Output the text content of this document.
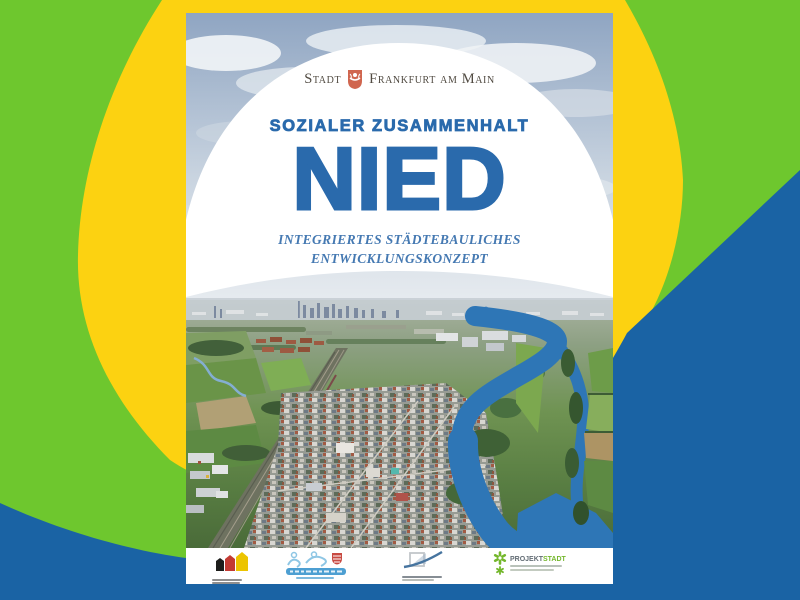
Stadt Frankfurt am Main
SOZIALER ZUSAMMENHALT
NIED
INTEGRIERTES STÄDTEBAULICHES
ENTWICKLUNGSKONZEPT
PROJEKT STADT
